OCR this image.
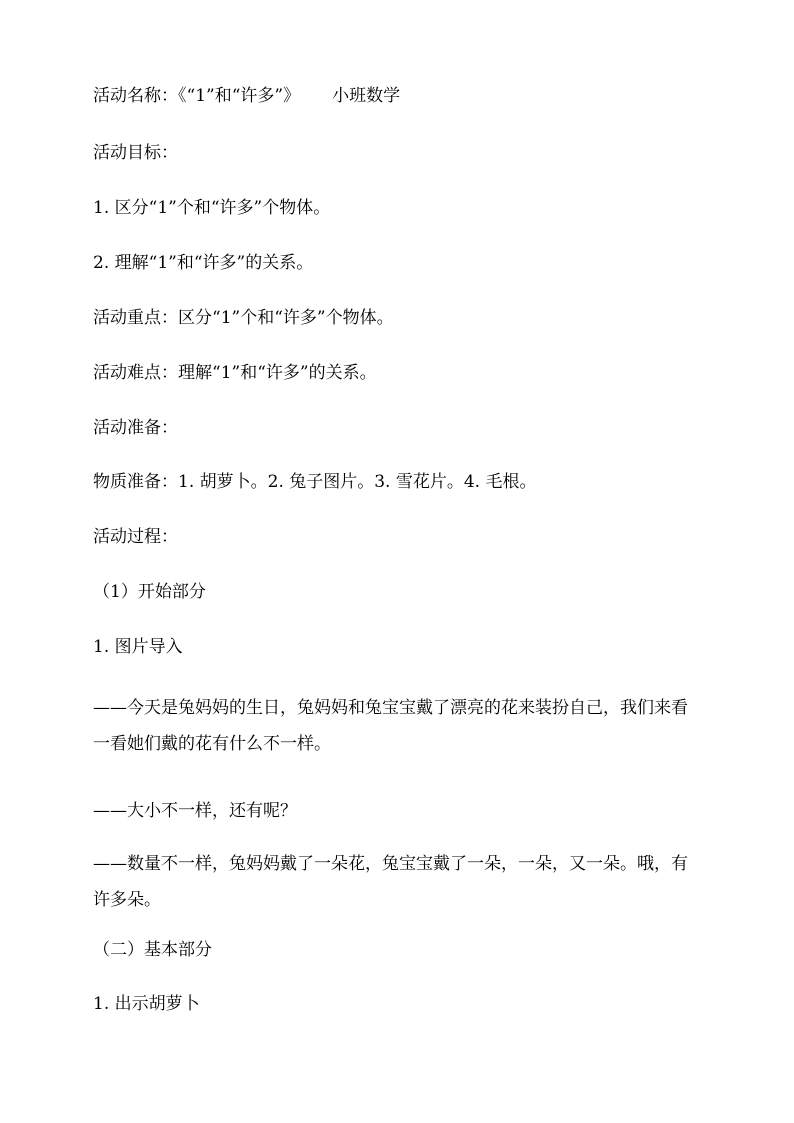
活动名称：《“1”和“许多”》 小班数学
活动目标：
1. 区分“1”个和“许多”个物体。
2. 理解“1”和“许多”的关系。
活动重点：区分“1”个和“许多”个物体。
活动难点：理解“1”和“许多”的关系。
活动准备：
物质准备：1. 胡萝卜。2. 兔子图片。3. 雪花片。4. 毛根。
活动过程：
（1）开始部分
1. 图片导入
——今天是兔妈妈的生日，兔妈妈和兔宝宝戴了漂亮的花来装扮自己，我们来看一看她们戴的花有什么不一样。
——大小不一样，还有呢？
——数量不一样，兔妈妈戴了一朵花，兔宝宝戴了一朵，一朵，又一朵。哦，有许多朵。
（二）基本部分
1. 出示胡萝卜
